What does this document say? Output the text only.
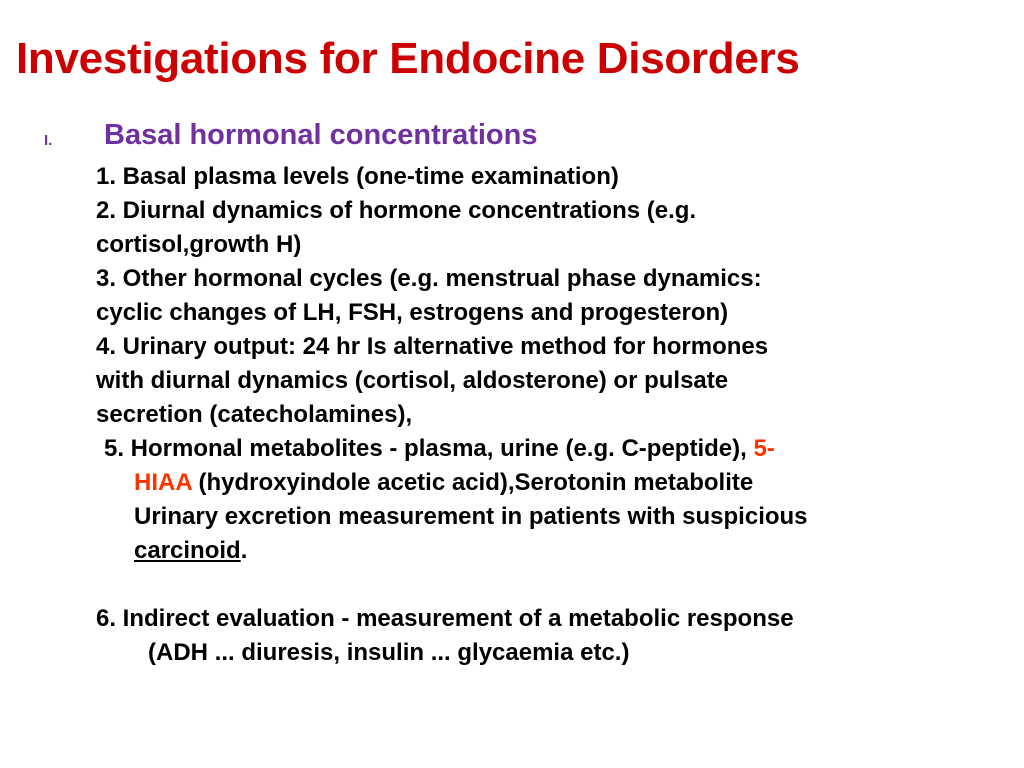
Investigations for Endocine Disorders
I. Basal hormonal concentrations
1. Basal plasma levels (one-time examination)
2. Diurnal dynamics of hormone concentrations (e.g.
cortisol,growth H)
3. Other hormonal cycles (e.g. menstrual phase dynamics:
cyclic changes of LH, FSH, estrogens and progesteron)
4. Urinary output: 24 hr Is alternative method for hormones
with diurnal dynamics (cortisol, aldosterone) or pulsate
secretion (catecholamines),
5. Hormonal metabolites - plasma, urine (e.g. C-peptide), 5-
HIAA (hydroxyindole acetic acid),Serotonin metabolite
Urinary excretion measurement in patients with suspicious
carcinoid.
6. Indirect evaluation - measurement of a metabolic response
(ADH ... diuresis, insulin ... glycaemia etc.)
